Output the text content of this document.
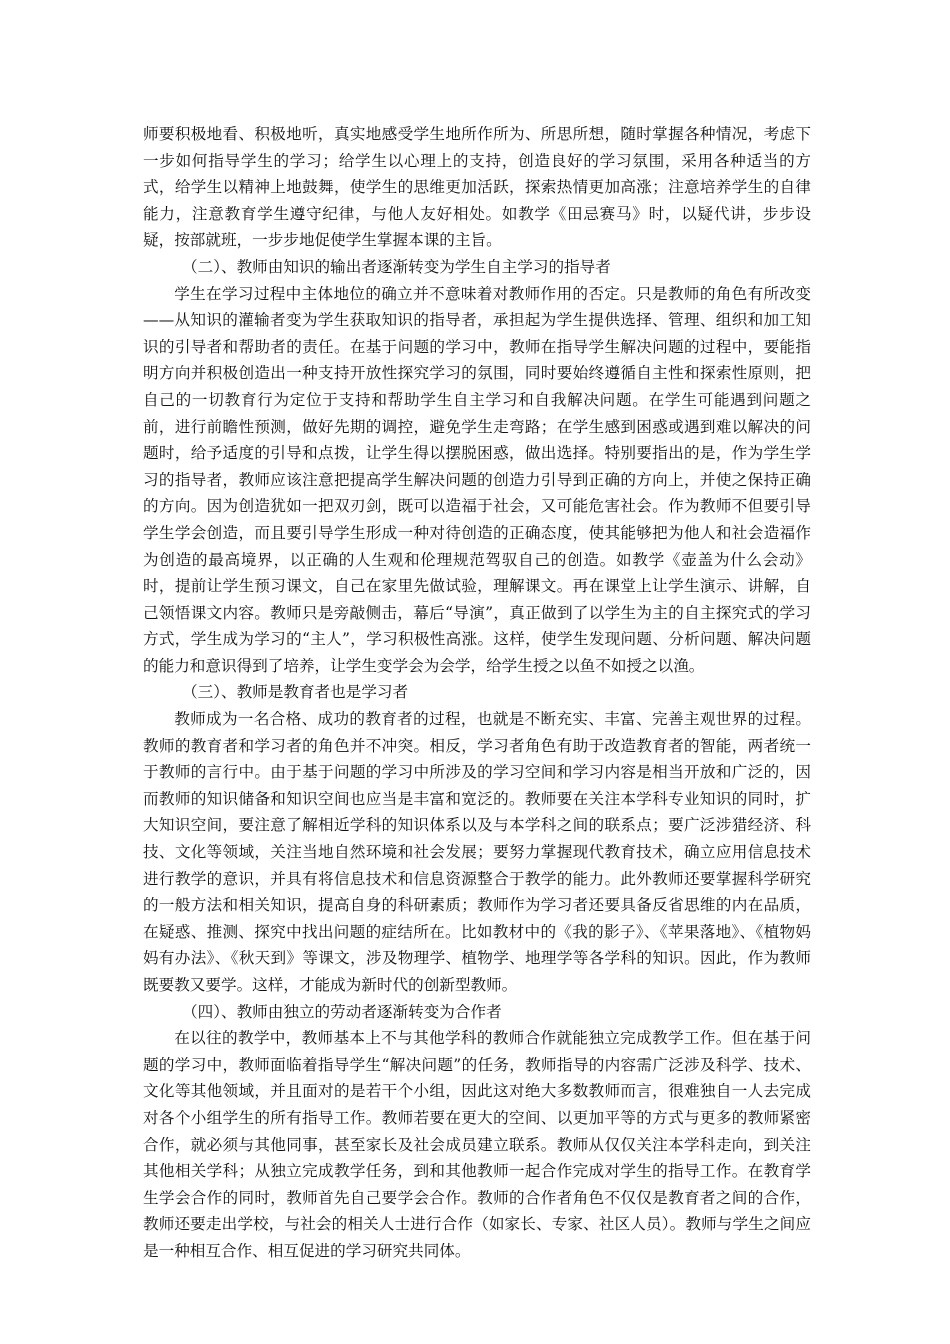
师要积极地看、积极地听，真实地感受学生地所作所为、所思所想，随时掌握各种情况，考虑下一步如何指导学生的学习；给学生以心理上的支持，创造良好的学习氛围，采用各种适当的方式，给学生以精神上地鼓舞，使学生的思维更加活跃，探索热情更加高涨；注意培养学生的自律能力，注意教育学生遵守纪律，与他人友好相处。如教学《田忌赛马》时，以疑代讲，步步设疑，按部就班，一步步地促使学生掌握本课的主旨。

（二）、教师由知识的输出者逐渐转变为学生自主学习的指导者

学生在学习过程中主体地位的确立并不意味着对教师作用的否定。只是教师的角色有所改变——从知识的灌输者变为学生获取知识的指导者，承担起为学生提供选择、管理、组织和加工知识的引导者和帮助者的责任。在基于问题的学习中，教师在指导学生解决问题的过程中，要能指明方向并积极创造出一种支持开放性探究学习的氛围，同时要始终遵循自主性和探索性原则，把自己的一切教育行为定位于支持和帮助学生自主学习和自我解决问题。在学生可能遇到问题之前，进行前瞻性预测，做好先期的调控，避免学生走弯路；在学生感到困惑或遇到难以解决的问题时，给予适度的引导和点拨，让学生得以摆脱困惑，做出选择。特别要指出的是，作为学生学习的指导者，教师应该注意把提高学生解决问题的创造力引导到正确的方向上，并使之保持正确的方向。因为创造犹如一把双刃剑，既可以造福于社会，又可能危害社会。作为教师不但要引导学生学会创造，而且要引导学生形成一种对待创造的正确态度，使其能够把为他人和社会造福作为创造的最高境界，以正确的人生观和伦理规范驾驭自己的创造。如教学《壶盖为什么会动》时，提前让学生预习课文，自己在家里先做试验，理解课文。再在课堂上让学生演示、讲解，自己领悟课文内容。教师只是旁敲侧击，幕后“导演”，真正做到了以学生为主的自主探究式的学习方式，学生成为学习的“主人”，学习积极性高涨。这样，使学生发现问题、分析问题、解决问题的能力和意识得到了培养，让学生变学会为会学，给学生授之以鱼不如授之以渔。

（三）、教师是教育者也是学习者

教师成为一名合格、成功的教育者的过程，也就是不断充实、丰富、完善主观世界的过程。教师的教育者和学习者的角色并不冲突。相反，学习者角色有助于改造教育者的智能，两者统一于教师的言行中。由于基于问题的学习中所涉及的学习空间和学习内容是相当开放和广泛的，因而教师的知识储备和知识空间也应当是丰富和宽泛的。教师要在关注本学科专业知识的同时，扩大知识空间，要注意了解相近学科的知识体系以及与本学科之间的联系点；要广泛涉猎经济、科技、文化等领域，关注当地自然环境和社会发展；要努力掌握现代教育技术，确立应用信息技术进行教学的意识，并具有将信息技术和信息资源整合于教学的能力。此外教师还要掌握科学研究的一般方法和相关知识，提高自身的科研素质；教师作为学习者还要具备反省思维的内在品质，在疑惑、推测、探究中找出问题的症结所在。比如教材中的《我的影子》、《苹果落地》、《植物妈妈有办法》、《秋天到》等课文，涉及物理学、植物学、地理学等各学科的知识。因此，作为教师既要教又要学。这样，才能成为新时代的创新型教师。

（四）、教师由独立的劳动者逐渐转变为合作者

在以往的教学中，教师基本上不与其他学科的教师合作就能独立完成教学工作。但在基于问题的学习中，教师面临着指导学生“解决问题”的任务，教师指导的内容需广泛涉及科学、技术、文化等其他领域，并且面对的是若干个小组，因此这对绝大多数教师而言，很难独自一人去完成对各个小组学生的所有指导工作。教师若要在更大的空间、以更加平等的方式与更多的教师紧密合作，就必须与其他同事，甚至家长及社会成员建立联系。教师从仅仅关注本学科走向，到关注其他相关学科；从独立完成教学任务，到和其他教师一起合作完成对学生的指导工作。在教育学生学会合作的同时，教师首先自己要学会合作。教师的合作者角色不仅仅是教育者之间的合作，教师还要走出学校，与社会的相关人士进行合作（如家长、专家、社区人员）。教师与学生之间应是一种相互合作、相互促进的学习研究共同体。
